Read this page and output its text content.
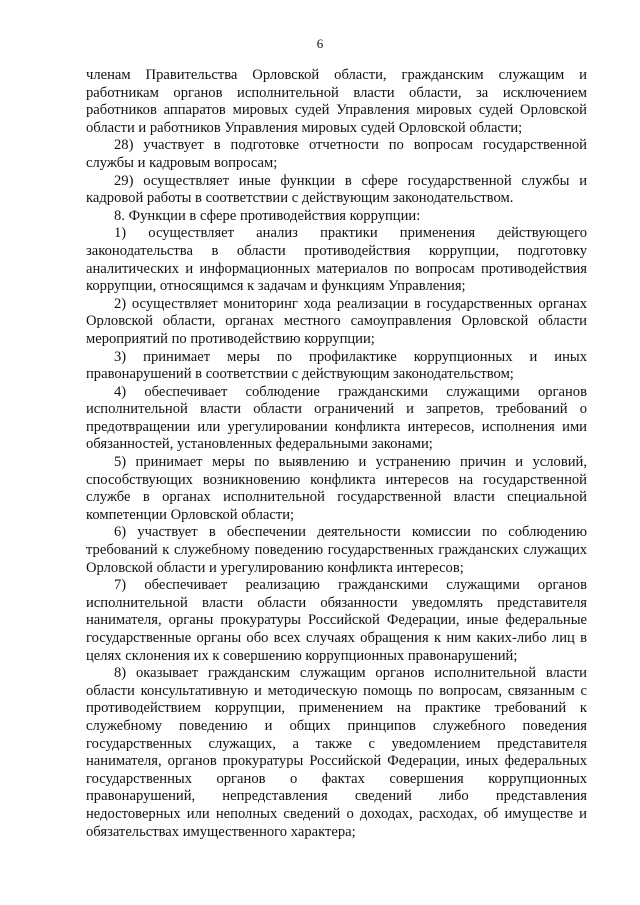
6

членам Правительства Орловской области, гражданским служащим и работникам органов исполнительной власти области, за исключением работников аппаратов мировых судей Управления мировых судей Орловской области и работников Управления мировых судей Орловской области;

28) участвует в подготовке отчетности по вопросам государственной службы и кадровым вопросам;

29) осуществляет иные функции в сфере государственной службы и кадровой работы в соответствии с действующим законодательством.

8. Функции в сфере противодействия коррупции:

1) осуществляет анализ практики применения действующего законодательства в области противодействия коррупции, подготовку аналитических и информационных материалов по вопросам противодействия коррупции, относящимся к задачам и функциям Управления;

2) осуществляет мониторинг хода реализации в государственных органах Орловской области, органах местного самоуправления Орловской области мероприятий по противодействию коррупции;

3) принимает меры по профилактике коррупционных и иных правонарушений в соответствии с действующим законодательством;

4) обеспечивает соблюдение гражданскими служащими органов исполнительной власти области ограничений и запретов, требований о предотвращении или урегулировании конфликта интересов, исполнения ими обязанностей, установленных федеральными законами;

5) принимает меры по выявлению и устранению причин и условий, способствующих возникновению конфликта интересов на государственной службе в органах исполнительной государственной власти специальной компетенции Орловской области;

6) участвует в обеспечении деятельности комиссии по соблюдению требований к служебному поведению государственных гражданских служащих Орловской области и урегулированию конфликта интересов;

7) обеспечивает реализацию гражданскими служащими органов исполнительной власти области обязанности уведомлять представителя нанимателя, органы прокуратуры Российской Федерации, иные федеральные государственные органы обо всех случаях обращения к ним каких-либо лиц в целях склонения их к совершению коррупционных правонарушений;

8) оказывает гражданским служащим органов исполнительной власти области консультативную и методическую помощь по вопросам, связанным с противодействием коррупции, применением на практике требований к служебному поведению и общих принципов служебного поведения государственных служащих, а также с уведомлением представителя нанимателя, органов прокуратуры Российской Федерации, иных федеральных государственных органов о фактах совершения коррупционных правонарушений, непредставления сведений либо представления недостоверных или неполных сведений о доходах, расходах, об имуществе и обязательствах имущественного характера;
